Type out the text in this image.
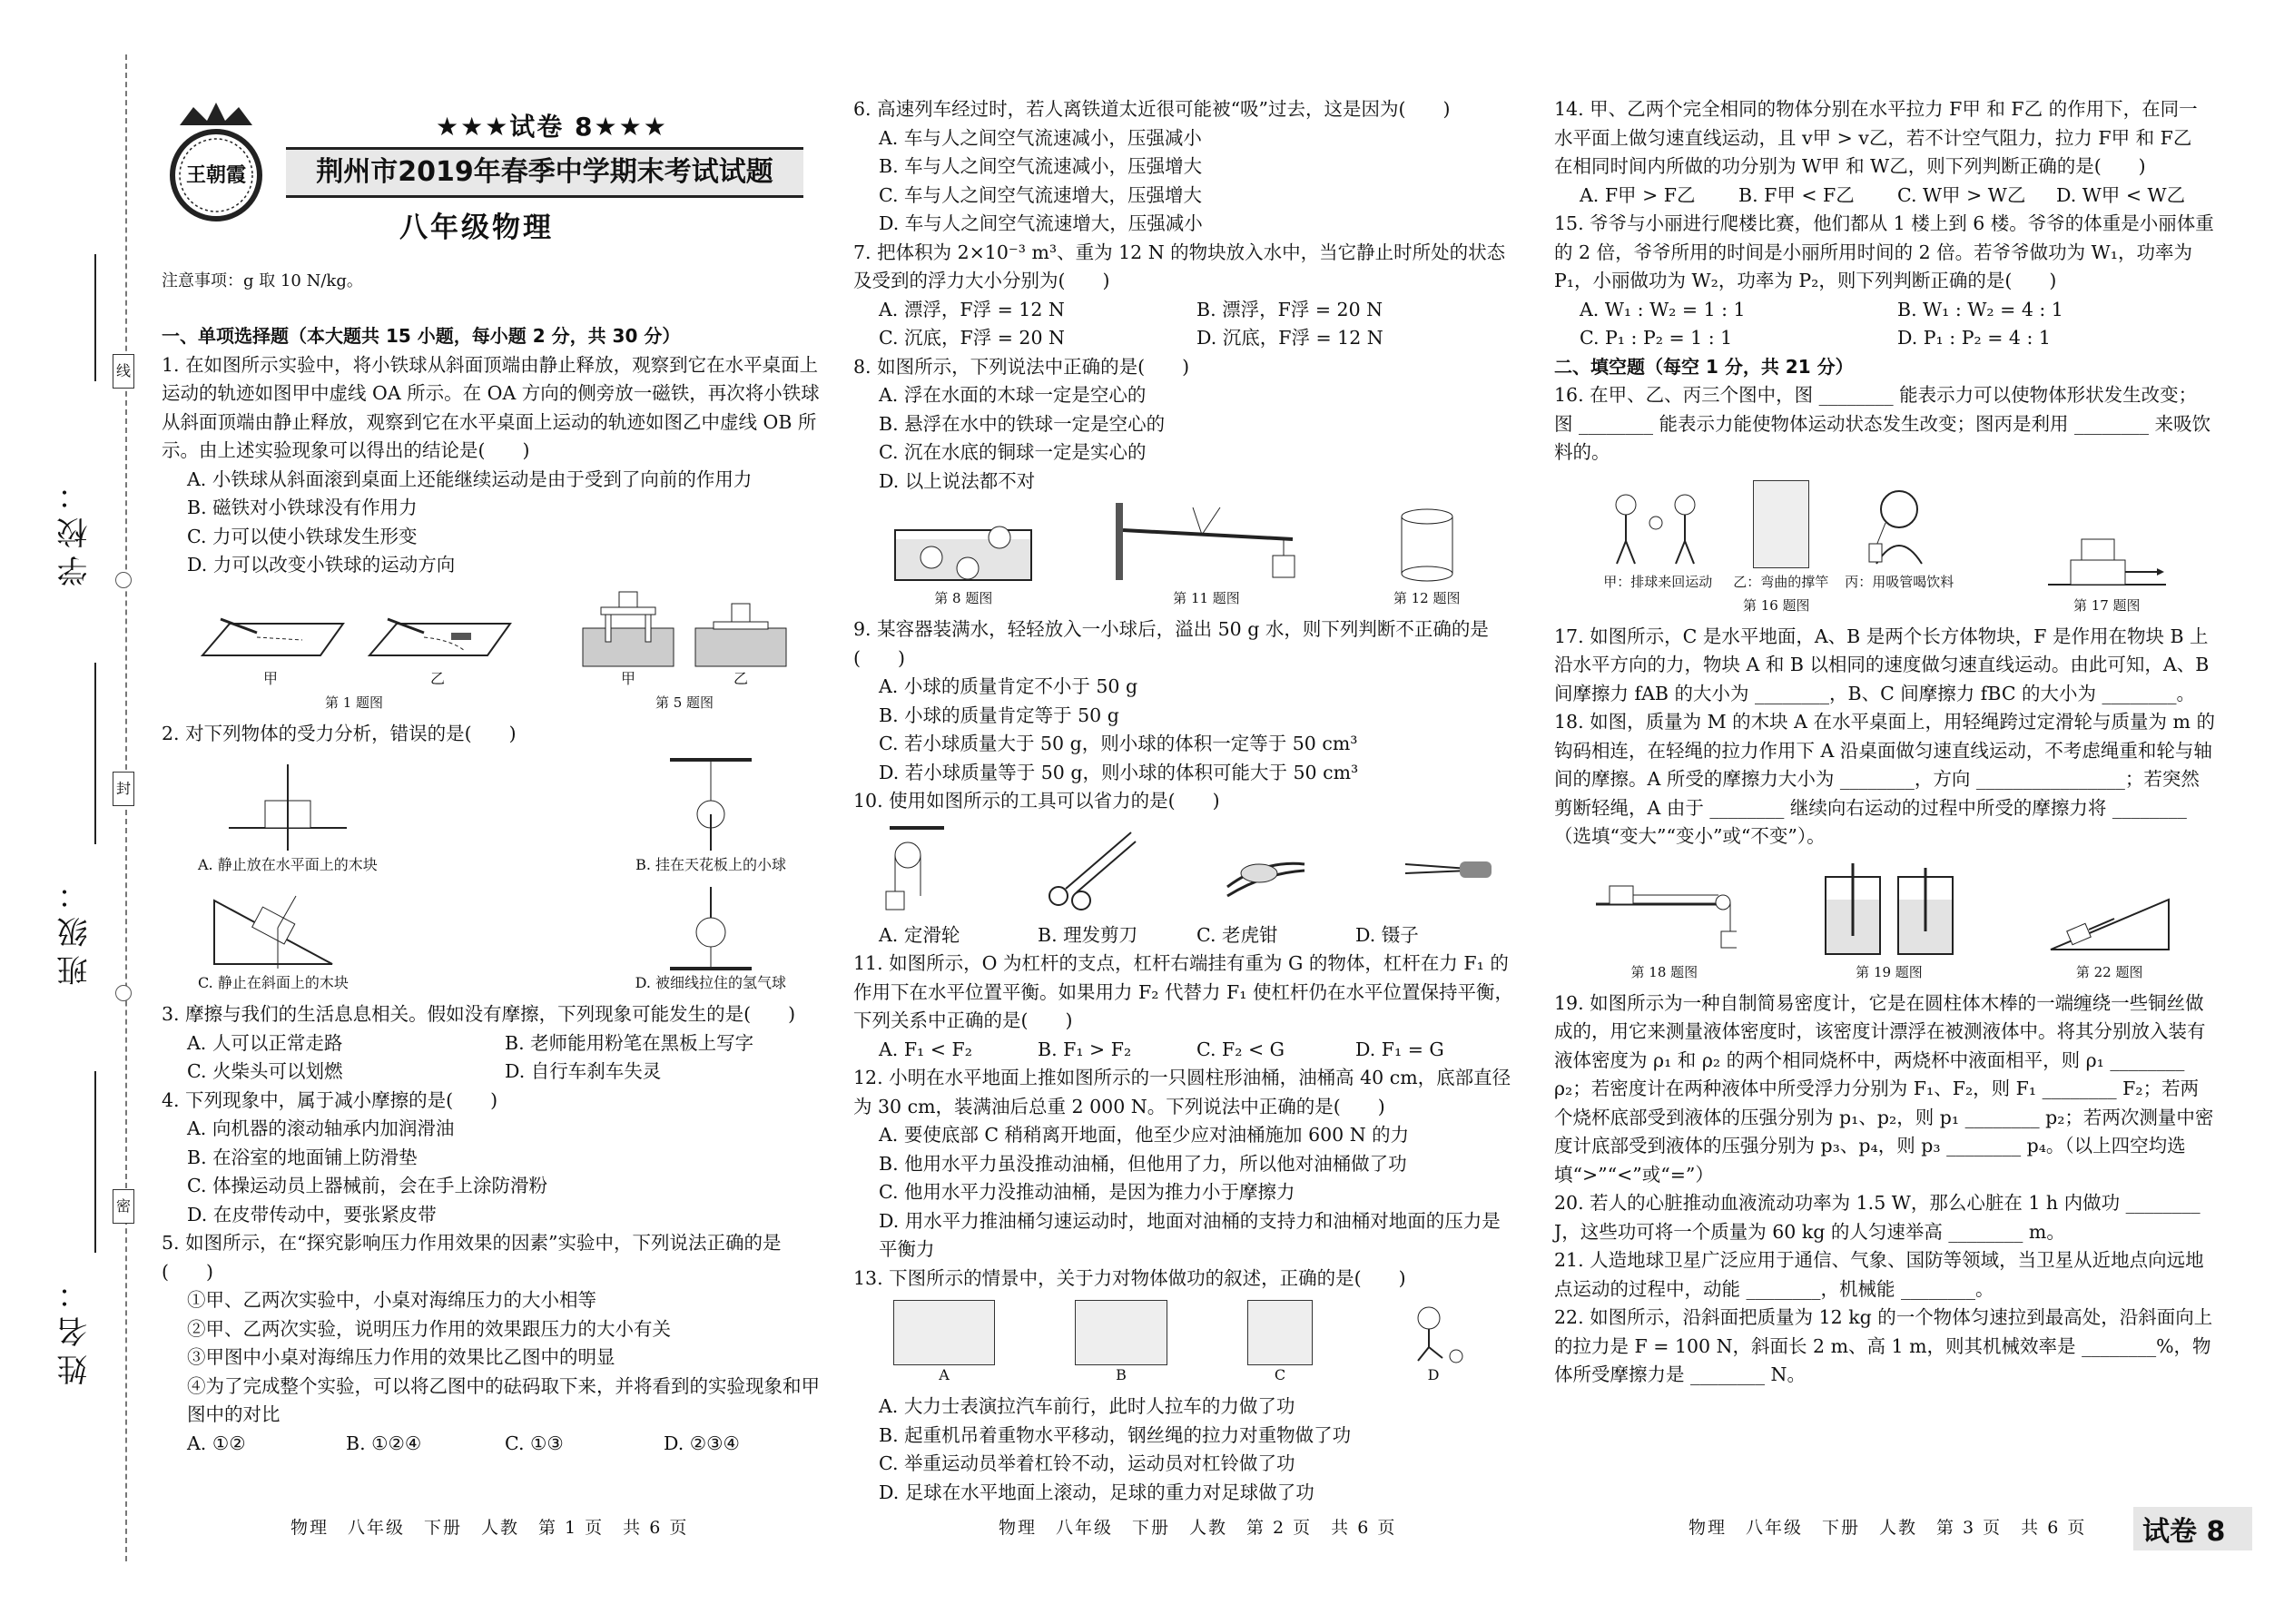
学校：
班级：
姓名：
线
封
密
王朝霞
★★★试卷 8★★★
荆州市2019年春季中学期末考试试题
八年级物理
注意事项：g 取 10 N/kg。
一、单项选择题（本大题共 15 小题，每小题 2 分，共 30 分）

1. 在如图所示实验中，将小铁球从斜面顶端由静止释放，观察到它在水平桌面上运动的轨迹如图甲中虚线 OA 所示。在 OA 方向的侧旁放一磁铁，再次将小铁球从斜面顶端由静止释放，观察到它在水平桌面上运动的轨迹如图乙中虚线 OB 所示。由上述实验现象可以得出的结论是(　　)

A. 小铁球从斜面滚到桌面上还能继续运动是由于受到了向前的作用力
B. 磁铁对小铁球没有作用力
C. 力可以使小铁球发生形变
D. 力可以改变小铁球的运动方向
甲	乙
第 1 题图
甲	乙
第 5 题图

2. 对下列物体的受力分析，错误的是(　　)

A. 静止放在水平面上的木块	B. 挂在天花板上的小球
C. 静止在斜面上的木块	D. 被细线拉住的氢气球

3. 摩擦与我们的生活息息相关。假如没有摩擦，下列现象可能发生的是(　　)

A. 人可以正常走路	B. 老师能用粉笔在黑板上写字
C. 火柴头可以划燃	D. 自行车刹车失灵

4. 下列现象中，属于减小摩擦的是(　　)

A. 向机器的滚动轴承内加润滑油
B. 在浴室的地面铺上防滑垫
C. 体操运动员上器械前，会在手上涂防滑粉
D. 在皮带传动中，要张紧皮带

5. 如图所示，在“探究影响压力作用效果的因素”实验中，下列说法正确的是(　　)

①甲、乙两次实验中，小桌对海绵压力的大小相等
②甲、乙两次实验，说明压力作用的效果跟压力的大小有关
③甲图中小桌对海绵压力作用的效果比乙图中的明显
④为了完成整个实验，可以将乙图中的砝码取下来，并将看到的实验现象和甲图中的对比
A. ①②	B. ①②④	C. ①③	D. ②③④
物理　八年级　下册　人教　第 1 页　共 6 页

6. 高速列车经过时，若人离铁道太近很可能被“吸”过去，这是因为(　　)

A. 车与人之间空气流速减小，压强减小
B. 车与人之间空气流速减小，压强增大
C. 车与人之间空气流速增大，压强增大
D. 车与人之间空气流速增大，压强减小

7. 把体积为 2×10⁻³ m³、重为 12 N 的物块放入水中，当它静止时所处的状态及受到的浮力大小分别为(　　)

A. 漂浮，F浮 = 12 N	B. 漂浮，F浮 = 20 N
C. 沉底，F浮 = 20 N	D. 沉底，F浮 = 12 N

8. 如图所示，下列说法中正确的是(　　)

A. 浮在水面的木球一定是空心的
B. 悬浮在水中的铁球一定是空心的
C. 沉在水底的铜球一定是实心的
D. 以上说法都不对
第 8 题图	第 11 题图	第 12 题图

9. 某容器装满水，轻轻放入一小球后，溢出 50 g 水，则下列判断不正确的是(　　)

A. 小球的质量肯定不小于 50 g
B. 小球的质量肯定等于 50 g
C. 若小球质量大于 50 g，则小球的体积一定等于 50 cm³
D. 若小球质量等于 50 g，则小球的体积可能大于 50 cm³

10. 使用如图所示的工具可以省力的是(　　)

A. 定滑轮	B. 理发剪刀	C. 老虎钳	D. 镊子

11. 如图所示，O 为杠杆的支点，杠杆右端挂有重为 G 的物体，杠杆在力 F₁ 的作用下在水平位置平衡。如果用力 F₂ 代替力 F₁ 使杠杆仍在水平位置保持平衡，下列关系中正确的是(　　)

A. F₁ < F₂	B. F₁ > F₂	C. F₂ < G	D. F₁ = G

12. 小明在水平地面上推如图所示的一只圆柱形油桶，油桶高 40 cm，底部直径为 30 cm，装满油后总重 2 000 N。下列说法中正确的是(　　)

A. 要使底部 C 稍稍离开地面，他至少应对油桶施加 600 N 的力
B. 他用水平力虽没推动油桶，但他用了力，所以他对油桶做了功
C. 他用水平力没推动油桶，是因为推力小于摩擦力
D. 用水平力推油桶匀速运动时，地面对油桶的支持力和油桶对地面的压力是平衡力

13. 下图所示的情景中，关于力对物体做功的叙述，正确的是(　　)

A	B	C	D
A. 大力士表演拉汽车前行，此时人拉车的力做了功
B. 起重机吊着重物水平移动，钢丝绳的拉力对重物做了功
C. 举重运动员举着杠铃不动，运动员对杠铃做了功
D. 足球在水平地面上滚动，足球的重力对足球做了功
物理　八年级　下册　人教　第 2 页　共 6 页

14. 甲、乙两个完全相同的物体分别在水平拉力 F甲 和 F乙 的作用下，在同一水平面上做匀速直线运动，且 v甲 > v乙，若不计空气阻力，拉力 F甲 和 F乙 在相同时间内所做的功分别为 W甲 和 W乙，则下列判断正确的是(　　)

A. F甲 > F乙	B. F甲 < F乙	C. W甲 > W乙	D. W甲 < W乙

15. 爷爷与小丽进行爬楼比赛，他们都从 1 楼上到 6 楼。爷爷的体重是小丽体重的 2 倍，爷爷所用的时间是小丽所用时间的 2 倍。若爷爷做功为 W₁，功率为 P₁，小丽做功为 W₂，功率为 P₂，则下列判断正确的是(　　)

A. W₁ : W₂ = 1 : 1	B. W₁ : W₂ = 4 : 1
C. P₁ : P₂ = 1 : 1	D. P₁ : P₂ = 4 : 1
二、填空题（每空 1 分，共 21 分）

16. 在甲、乙、丙三个图中，图 ________ 能表示力可以使物体形状发生改变；图 ________ 能表示力能使物体运动状态发生改变；图丙是利用 ________ 来吸饮料的。

甲：排球来回运动 乙：弯曲的撑竿 丙：用吸管喝饮料
第 16 题图	第 17 题图

17. 如图所示，C 是水平地面，A、B 是两个长方体物块，F 是作用在物块 B 上沿水平方向的力，物块 A 和 B 以相同的速度做匀速直线运动。由此可知，A、B 间摩擦力 fAB 的大小为 ________，B、C 间摩擦力 fBC 的大小为 ________。

18. 如图，质量为 M 的木块 A 在水平桌面上，用轻绳跨过定滑轮与质量为 m 的钩码相连，在轻绳的拉力作用下 A 沿桌面做匀速直线运动，不考虑绳重和轮与轴间的摩擦。A 所受的摩擦力大小为 ________，方向 ________________；若突然剪断轻绳，A 由于 ________ 继续向右运动的过程中所受的摩擦力将 ________（选填“变大”“变小”或“不变”）。

第 18 题图	第 19 题图	第 22 题图

19. 如图所示为一种自制简易密度计，它是在圆柱体木棒的一端缠绕一些铜丝做成的，用它来测量液体密度时，该密度计漂浮在被测液体中。将其分别放入装有液体密度为 ρ₁ 和 ρ₂ 的两个相同烧杯中，两烧杯中液面相平，则 ρ₁ ________ ρ₂；若密度计在两种液体中所受浮力分别为 F₁、F₂，则 F₁ ________ F₂；若两个烧杯底部受到液体的压强分别为 p₁、p₂，则 p₁ ________ p₂；若两次测量中密度计底部受到液体的压强分别为 p₃、p₄，则 p₃ ________ p₄。（以上四空均选填“>”“<”或“=”）

20. 若人的心脏推动血液流动功率为 1.5 W，那么心脏在 1 h 内做功 ________ J，这些功可将一个质量为 60 kg 的人匀速举高 ________ m。

21. 人造地球卫星广泛应用于通信、气象、国防等领域，当卫星从近地点向远地点运动的过程中，动能 ________，机械能 ________。

22. 如图所示，沿斜面把质量为 12 kg 的一个物体匀速拉到最高处，沿斜面向上的拉力是 F = 100 N，斜面长 2 m、高 1 m，则其机械效率是 ________%，物体所受摩擦力是 ________ N。

物理　八年级　下册　人教　第 3 页　共 6 页	试卷 8
